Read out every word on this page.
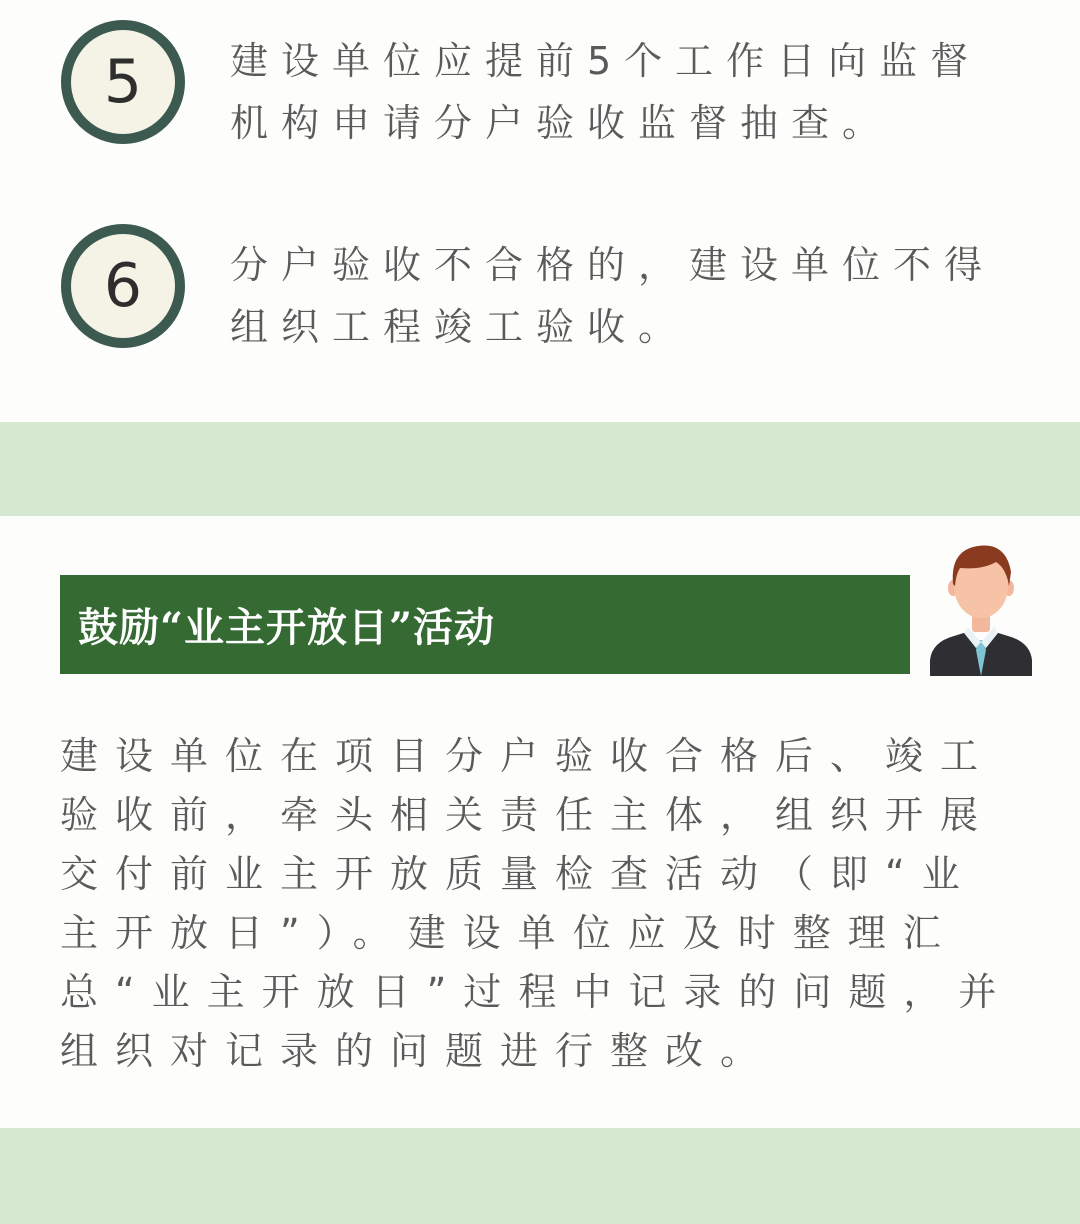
5 建设单位应提前5个工作日向监督机构申请分户验收监督抽查。
6 分户验收不合格的，建设单位不得组织工程竣工验收。
鼓励“业主开放日”活动
建设单位在项目分户验收合格后、竣工验收前，牵头相关责任主体，组织开展交付前业主开放质量检查活动（即“业主开放日”）。建设单位应及时整理汇总“业主开放日”过程中记录的问题，并组织对记录的问题进行整改。
